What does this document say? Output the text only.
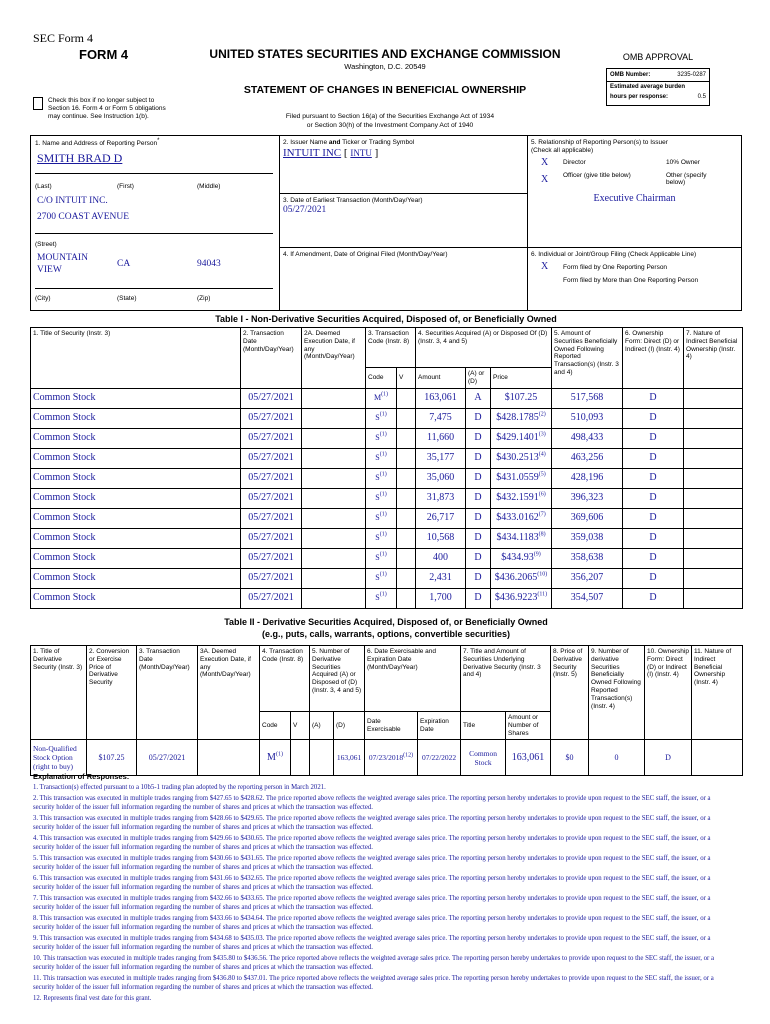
SEC Form 4
FORM 4	UNITED STATES SECURITIES AND EXCHANGE COMMISSION
Washington, D.C. 20549
STATEMENT OF CHANGES IN BENEFICIAL OWNERSHIP
Check this box if no longer subject to Section 16. Form 4 or Form 5 obligations may continue. See Instruction 1(b).	Filed pursuant to Section 16(a) of the Securities Exchange Act of 1934
or Section 30(h) of the Investment Company Act of 1940
OMB APPROVAL
OMB Number:	3235-0287
Estimated average burden
hours per response:	0.5
1. Name and Address of Reporting Person*
SMITH BRAD D
(Last)	(First)	(Middle)
C/O INTUIT INC.
2700 COAST AVENUE
(Street)
MOUNTAIN VIEW
CA	94043
(City)	(State)	(Zip)
2. Issuer Name and Ticker or Trading Symbol
INTUIT INC [ INTU ]
3. Date of Earliest Transaction (Month/Day/Year)
05/27/2021
4. If Amendment, Date of Original Filed (Month/Day/Year)
5. Relationship of Reporting Person(s) to Issuer
(Check all applicable)
X Director	10% Owner
X Officer (give title below)	Other (specify below)
Executive Chairman
6. Individual or Joint/Group Filing (Check Applicable Line)
X Form filed by One Reporting Person
Form filed by More than One Reporting Person
Table I - Non-Derivative Securities Acquired, Disposed of, or Beneficially Owned
1. Title of Security (Instr. 3)	2. Transaction Date (Month/Day/Year)	2A. Deemed Execution Date, if any (Month/Day/Year)	3. Transaction Code (Instr. 8)		4. Securities Acquired (A) or Disposed Of (D) (Instr. 3, 4 and 5)			5. Amount of Securities Beneficially Owned Following Reported Transaction(s) (Instr. 3 and 4)	6. Ownership Form: Direct (D) or Indirect (I) (Instr. 4)	7. Nature of Indirect Beneficial Ownership (Instr. 4)
			Code	V	Amount	(A) or (D)	Price			
Common Stock	05/27/2021		$M^{(1)}$		163,061	A	$107.25	517,568	D	
Common Stock	05/27/2021		$S^{(1)}$		7,475	D	$428.1785$^{(2)}$	510,093	D	
Common Stock	05/27/2021		$S^{(1)}$		11,660	D	$429.1401$^{(3)}$	498,433	D	
Common Stock	05/27/2021		$S^{(1)}$		35,177	D	$430.2513$^{(4)}$	463,256	D	
Common Stock	05/27/2021		$S^{(1)}$		35,060	D	$431.0559$^{(5)}$	428,196	D	
Common Stock	05/27/2021		$S^{(1)}$		31,873	D	$432.1591$^{(6)}$	396,323	D	
Common Stock	05/27/2021		$S^{(1)}$		26,717	D	$433.0162$^{(7)}$	369,606	D	
Common Stock	05/27/2021		$S^{(1)}$		10,568	D	$434.1183$^{(8)}$	359,038	D	
Common Stock	05/27/2021		$S^{(1)}$		400	D	$434.93$^{(9)}$	358,638	D	
Common Stock	05/27/2021		$S^{(1)}$		2,431	D	$436.2065$^{(10)}$	356,207	D	
Common Stock	05/27/2021		$S^{(1)}$		1,700	D	$436.9223$^{(11)}$	354,507	D	
Table II - Derivative Securities Acquired, Disposed of, or Beneficially Owned
(e.g., puts, calls, warrants, options, convertible securities)
1. Title of Derivative Security (Instr. 3)	2. Conversion or Exercise Price of Derivative Security	3. Transaction Date (Month/Day/Year)	3A. Deemed Execution Date, if any (Month/Day/Year)	4. Transaction Code (Instr. 8)		5. Number of Derivative Securities Acquired (A) or Disposed of (D) (Instr. 3, 4 and 5)		6. Date Exercisable and Expiration Date (Month/Day/Year)		7. Title and Amount of Securities Underlying Derivative Security (Instr. 3 and 4)		8. Price of Derivative Security (Instr. 5)	9. Number of derivative Securities Beneficially Owned Following Reported Transaction(s) (Instr. 4)	10. Ownership Form: Direct (D) or Indirect (I) (Instr. 4)	11. Nature of Indirect Beneficial Ownership (Instr. 4)
				Code	V	(A)	(D)	Date Exercisable	Expiration Date	Title	Amount or Number of Shares				
Non-Qualified Stock Option (right to buy)	$107.25	05/27/2021		$M^{(1)}$			163,061	07/23/2018$^{(12)}$	07/22/2022	Common Stock	163,061	$0	0	D	
Explanation of Responses:

1. Transaction(s) effected pursuant to a 10b5-1 trading plan adopted by the reporting person in March 2021.

2. This transaction was executed in multiple trades ranging from $427.65 to $428.62. The price reported above reflects the weighted average sales price. The reporting person hereby undertakes to provide upon request to the SEC staff, the issuer, or a security holder of the issuer full information regarding the number of shares and prices at which the transaction was effected.

3. This transaction was executed in multiple trades ranging from $428.66 to $429.65. The price reported above reflects the weighted average sales price. The reporting person hereby undertakes to provide upon request to the SEC staff, the issuer, or a security holder of the issuer full information regarding the number of shares and prices at which the transaction was effected.

4. This transaction was executed in multiple trades ranging from $429.66 to $430.65. The price reported above reflects the weighted average sales price. The reporting person hereby undertakes to provide upon request to the SEC staff, the issuer, or a security holder of the issuer full information regarding the number of shares and prices at which the transaction was effected.

5. This transaction was executed in multiple trades ranging from $430.66 to $431.65. The price reported above reflects the weighted average sales price. The reporting person hereby undertakes to provide upon request to the SEC staff, the issuer, or a security holder of the issuer full information regarding the number of shares and prices at which the transaction was effected.

6. This transaction was executed in multiple trades ranging from $431.66 to $432.65. The price reported above reflects the weighted average sales price. The reporting person hereby undertakes to provide upon request to the SEC staff, the issuer, or a security holder of the issuer full information regarding the number of shares and prices at which the transaction was effected.

7. This transaction was executed in multiple trades ranging from $432.66 to $433.65. The price reported above reflects the weighted average sales price. The reporting person hereby undertakes to provide upon request to the SEC staff, the issuer, or a security holder of the issuer full information regarding the number of shares and prices at which the transaction was effected.

8. This transaction was executed in multiple trades ranging from $433.66 to $434.64. The price reported above reflects the weighted average sales price. The reporting person hereby undertakes to provide upon request to the SEC staff, the issuer, or a security holder of the issuer full information regarding the number of shares and prices at which the transaction was effected.

9. This transaction was executed in multiple trades ranging from $434.68 to $435.03. The price reported above reflects the weighted average sales price. The reporting person hereby undertakes to provide upon request to the SEC staff, the issuer, or a security holder of the issuer full information regarding the number of shares and prices at which the transaction was effected.

10. This transaction was executed in multiple trades ranging from $435.80 to $436.56. The price reported above reflects the weighted average sales price. The reporting person hereby undertakes to provide upon request to the SEC staff, the issuer, or a security holder of the issuer full information regarding the number of shares and prices at which the transaction was effected.

11. This transaction was executed in multiple trades ranging from $436.80 to $437.01. The price reported above reflects the weighted average sales price. The reporting person hereby undertakes to provide upon request to the SEC staff, the issuer, or a security holder of the issuer full information regarding the number of shares and prices at which the transaction was effected.

12. Represents final vest date for this grant.
